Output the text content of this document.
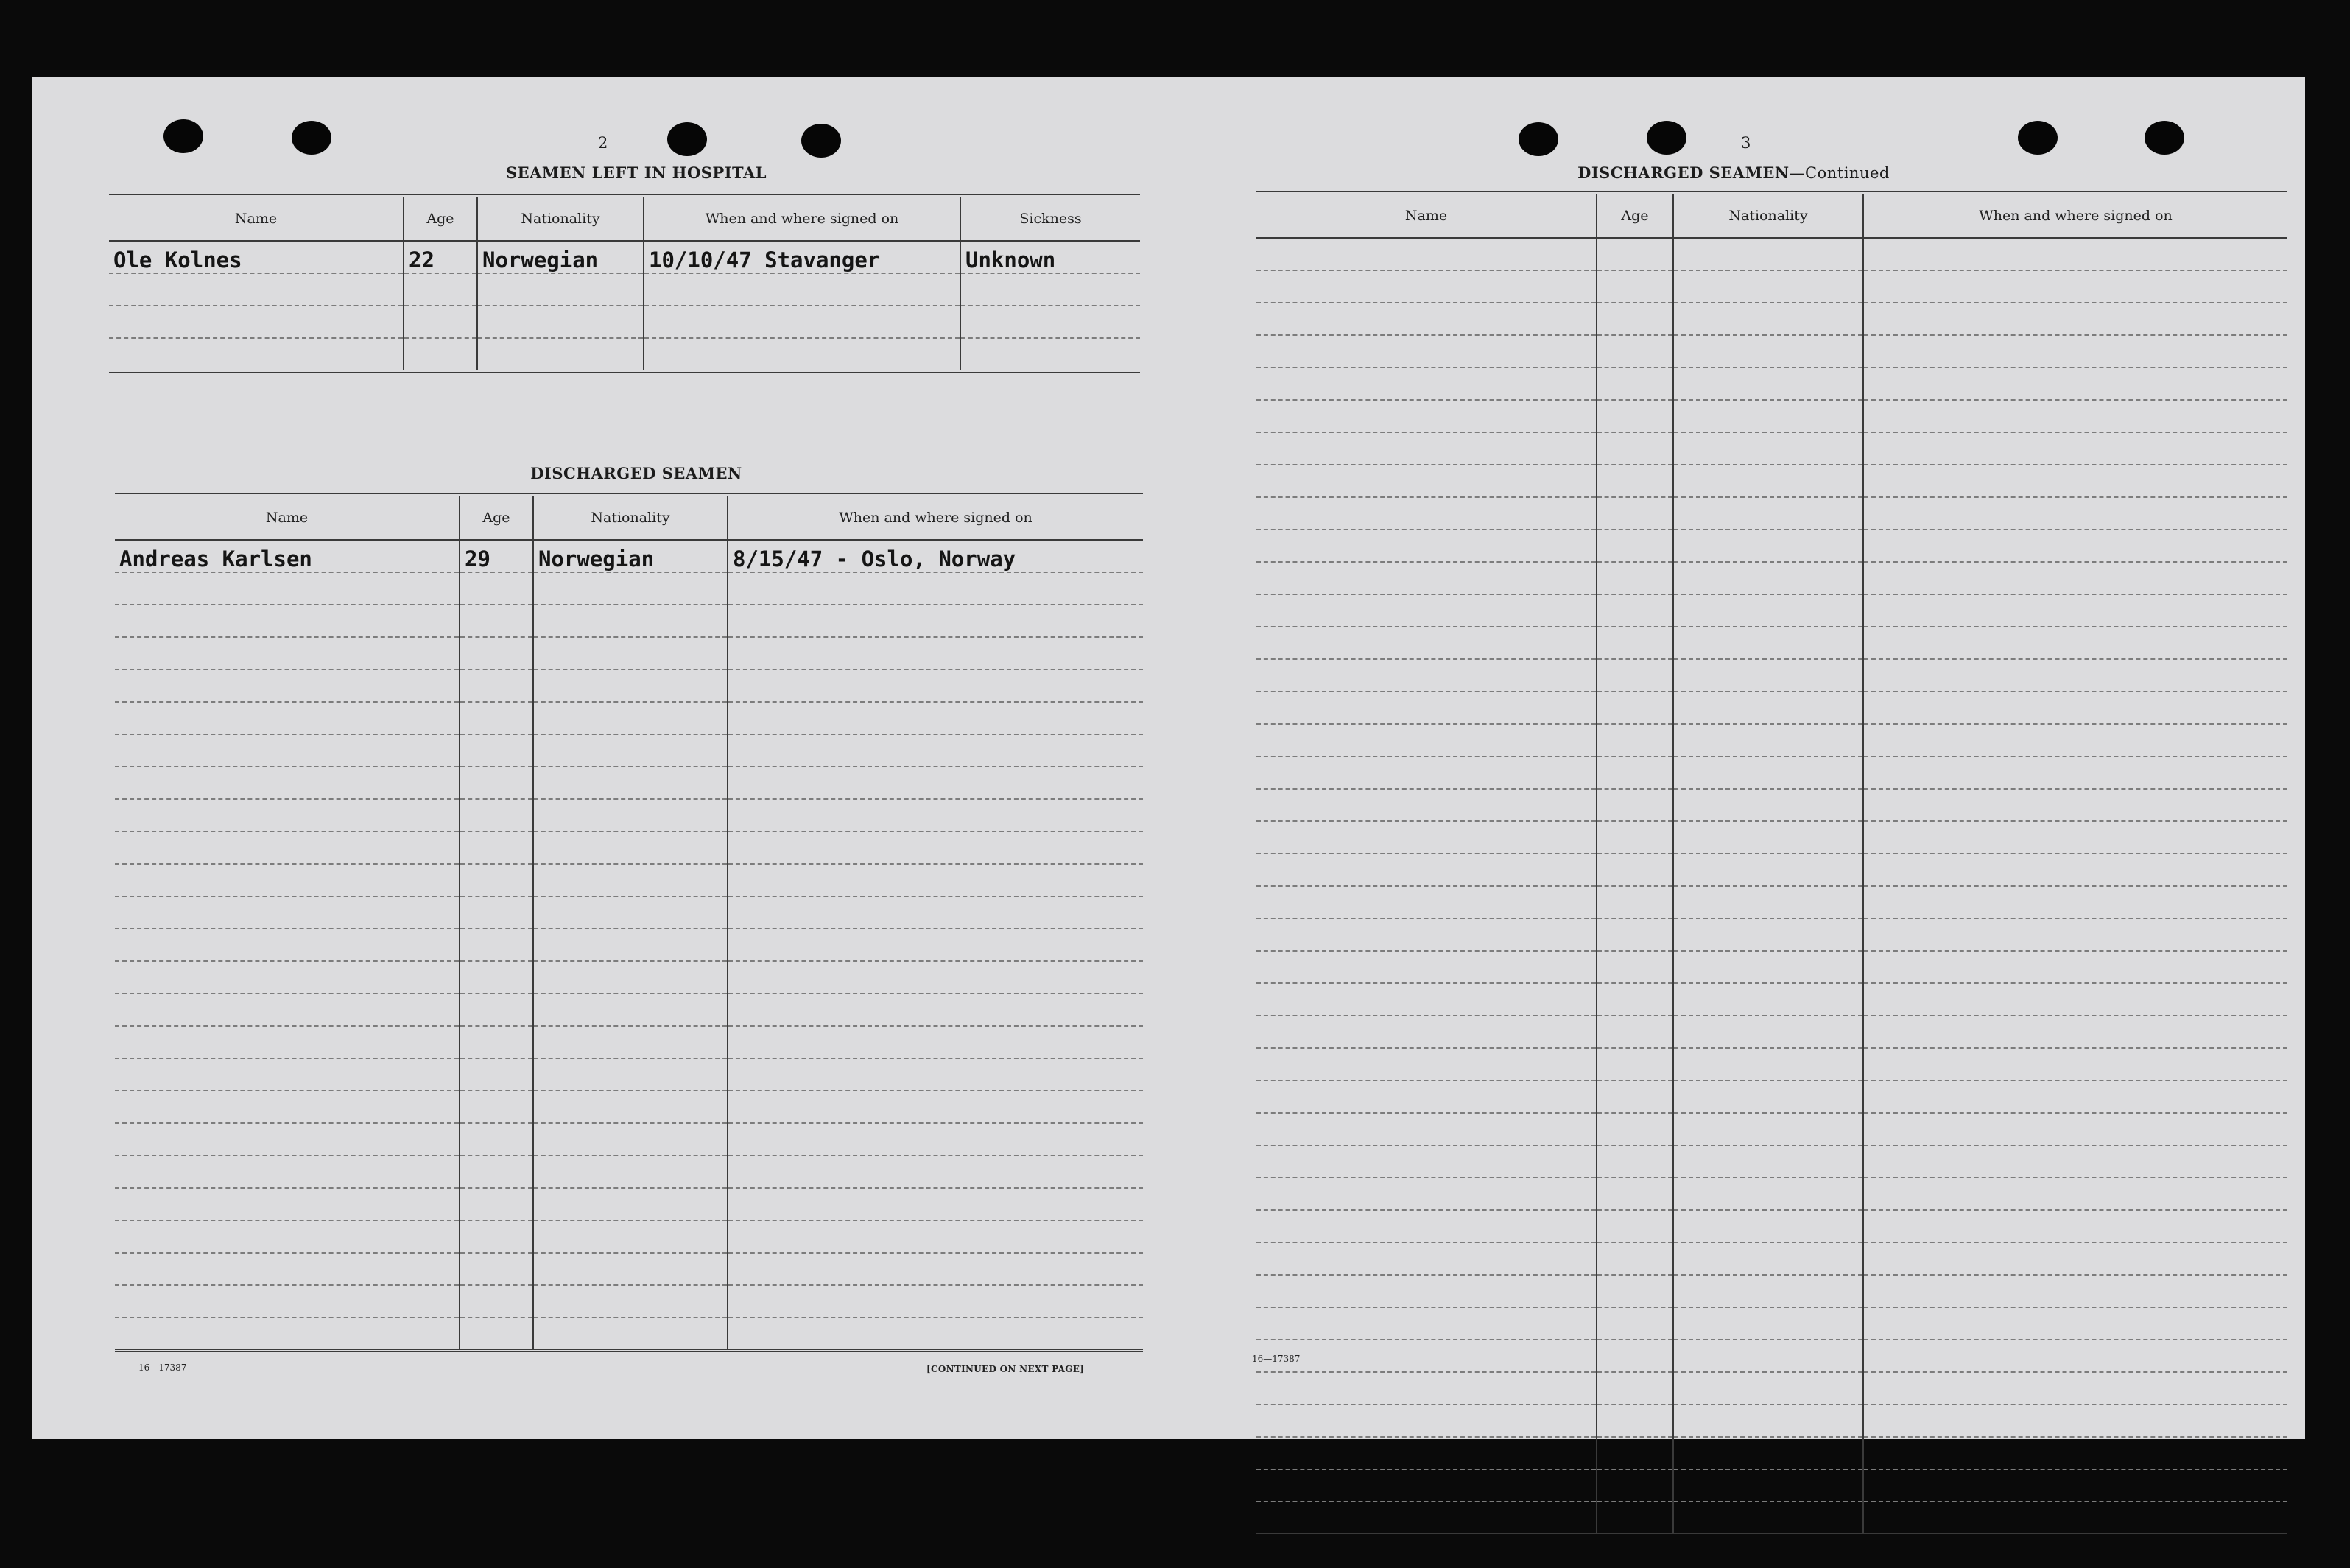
2
SEAMEN LEFT IN HOSPITAL
Name	Age	Nationality	When and where signed on	Sickness
Ole Kolnes	22	Norwegian	10/10/47 Stavanger	Unknown

DISCHARGED SEAMEN
Name	Age	Nationality	When and where signed on
Andreas Karlsen	29	Norwegian	8/15/47 - Oslo, Norway

16—17387	[CONTINUED ON NEXT PAGE]
3
DISCHARGED SEAMEN—Continued
Name	Age	Nationality	When and where signed on

16—17387
